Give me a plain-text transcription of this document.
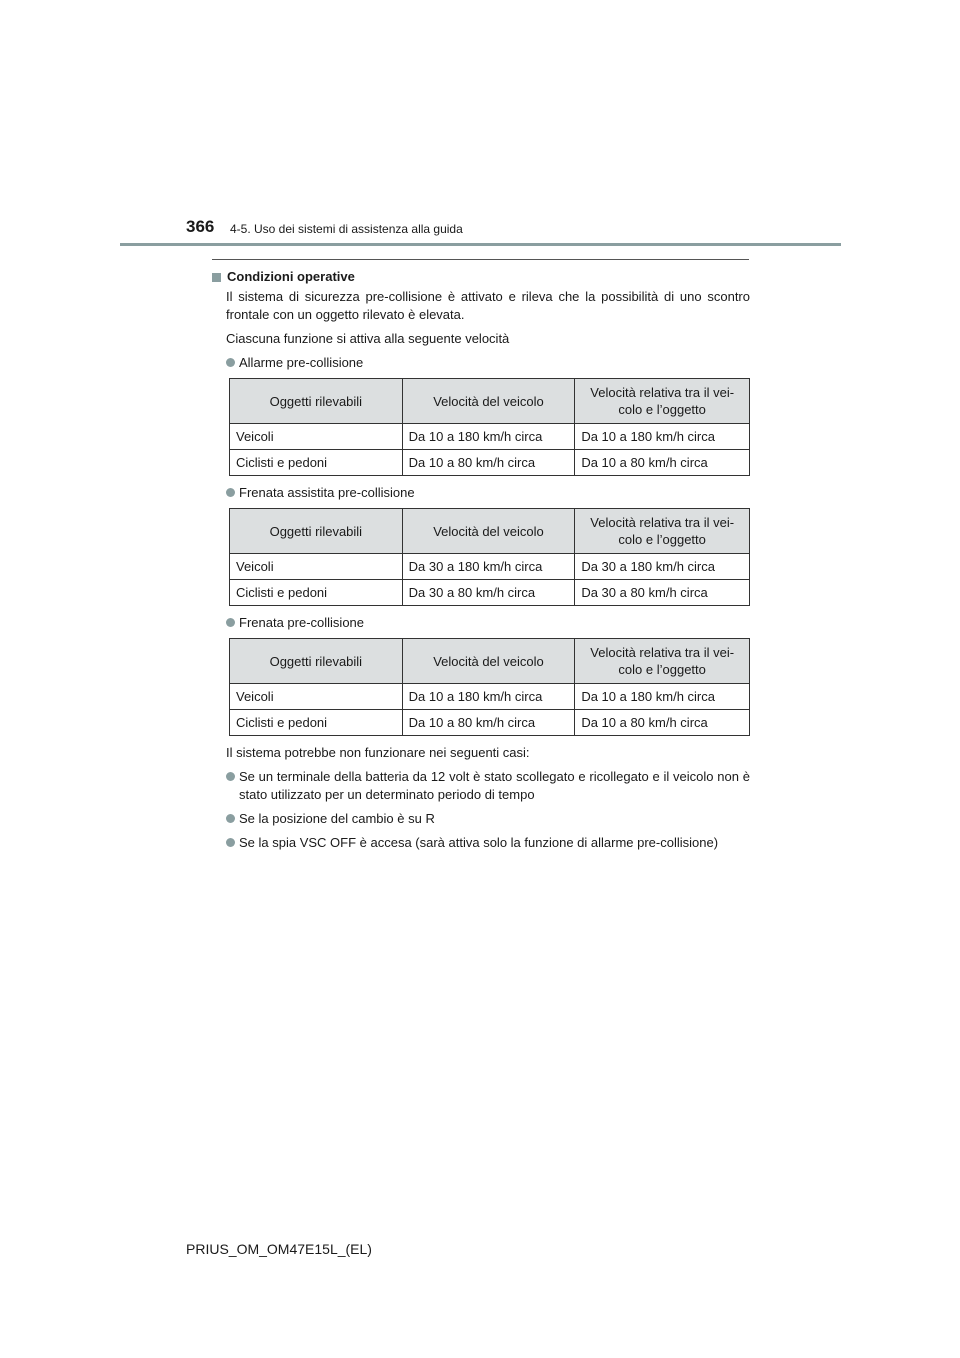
366 4-5. Uso dei sistemi di assistenza alla guida
Condizioni operative

Il sistema di sicurezza pre-collisione è attivato e rileva che la possibilità di uno scontro frontale con un oggetto rilevato è elevata.

Ciascuna funzione si attiva alla seguente velocità

Allarme pre-collisione
Oggetti rilevabili	Velocità del veicolo	Velocità relativa tra il vei-colo e l’oggetto
Veicoli	Da 10 a 180 km/h circa	Da 10 a 180 km/h circa
Ciclisti e pedoni	Da 10 a 80 km/h circa	Da 10 a 80 km/h circa
Frenata assistita pre-collisione
Oggetti rilevabili	Velocità del veicolo	Velocità relativa tra il vei-colo e l’oggetto
Veicoli	Da 30 a 180 km/h circa	Da 30 a 180 km/h circa
Ciclisti e pedoni	Da 30 a 80 km/h circa	Da 30 a 80 km/h circa
Frenata pre-collisione
Oggetti rilevabili	Velocità del veicolo	Velocità relativa tra il vei-colo e l’oggetto
Veicoli	Da 10 a 180 km/h circa	Da 10 a 180 km/h circa
Ciclisti e pedoni	Da 10 a 80 km/h circa	Da 10 a 80 km/h circa

Il sistema potrebbe non funzionare nei seguenti casi:

Se un terminale della batteria da 12 volt è stato scollegato e ricollegato e il veicolo non è stato utilizzato per un determinato periodo di tempo
Se la posizione del cambio è su R
Se la spia VSC OFF è accesa (sarà attiva solo la funzione di allarme pre-collisione)
PRIUS_OM_OM47E15L_(EL)
